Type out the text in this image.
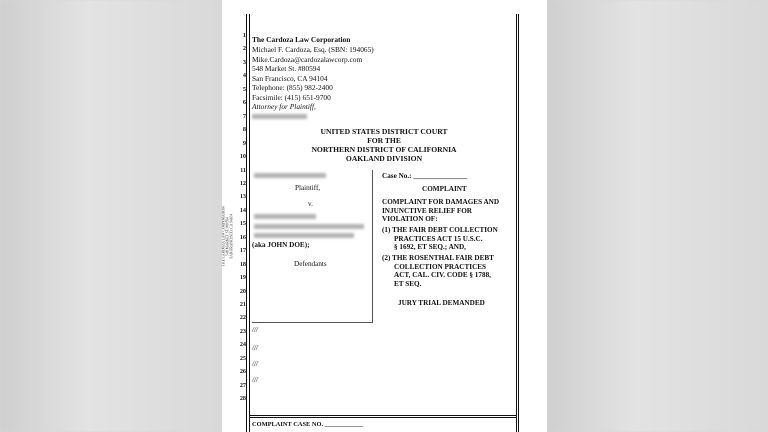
THE CARDOZA LAW CORPORATION 548 MARKET ST. #80594 SAN FRANCISCO, CA 94104
1
2
3
4
5
6
7
8
9
10
11
12
13
14
15
16
17
18
19
20
21
22
23
24
25
26
27
28
The Cardoza Law Corporation
Michael F. Cardoza, Esq. (SBN: 194065)
Mike.Cardoza@cardozalawcorp.com
548 Market St. #80594
San Francisco, CA 94104
Telephone: (855) 982-2400
Facsimile: (415) 651-9700
Attorney for Plaintiff,
UNITED STATES DISTRICT COURT
FOR THE
NORTHERN DISTRICT OF CALIFORNIA
OAKLAND DIVISION
Plaintiff,
v.
(aka JOHN DOE);
Defendants
Case No.: _______________
COMPLAINT
COMPLAINT FOR DAMAGES AND
INJUNCTIVE RELIEF FOR
VIOLATION OF:
(1) THE FAIR DEBT COLLECTION
PRACTICES ACT 15 U.S.C.
§ 1692, ET SEQ.; AND,
(2) THE ROSENTHAL FAIR DEBT
COLLECTION PRACTICES
ACT, CAL. CIV. CODE § 1788,
ET SEQ.
JURY TRIAL DEMANDED
///
///
///
///
COMPLAINT CASE NO. ____________
